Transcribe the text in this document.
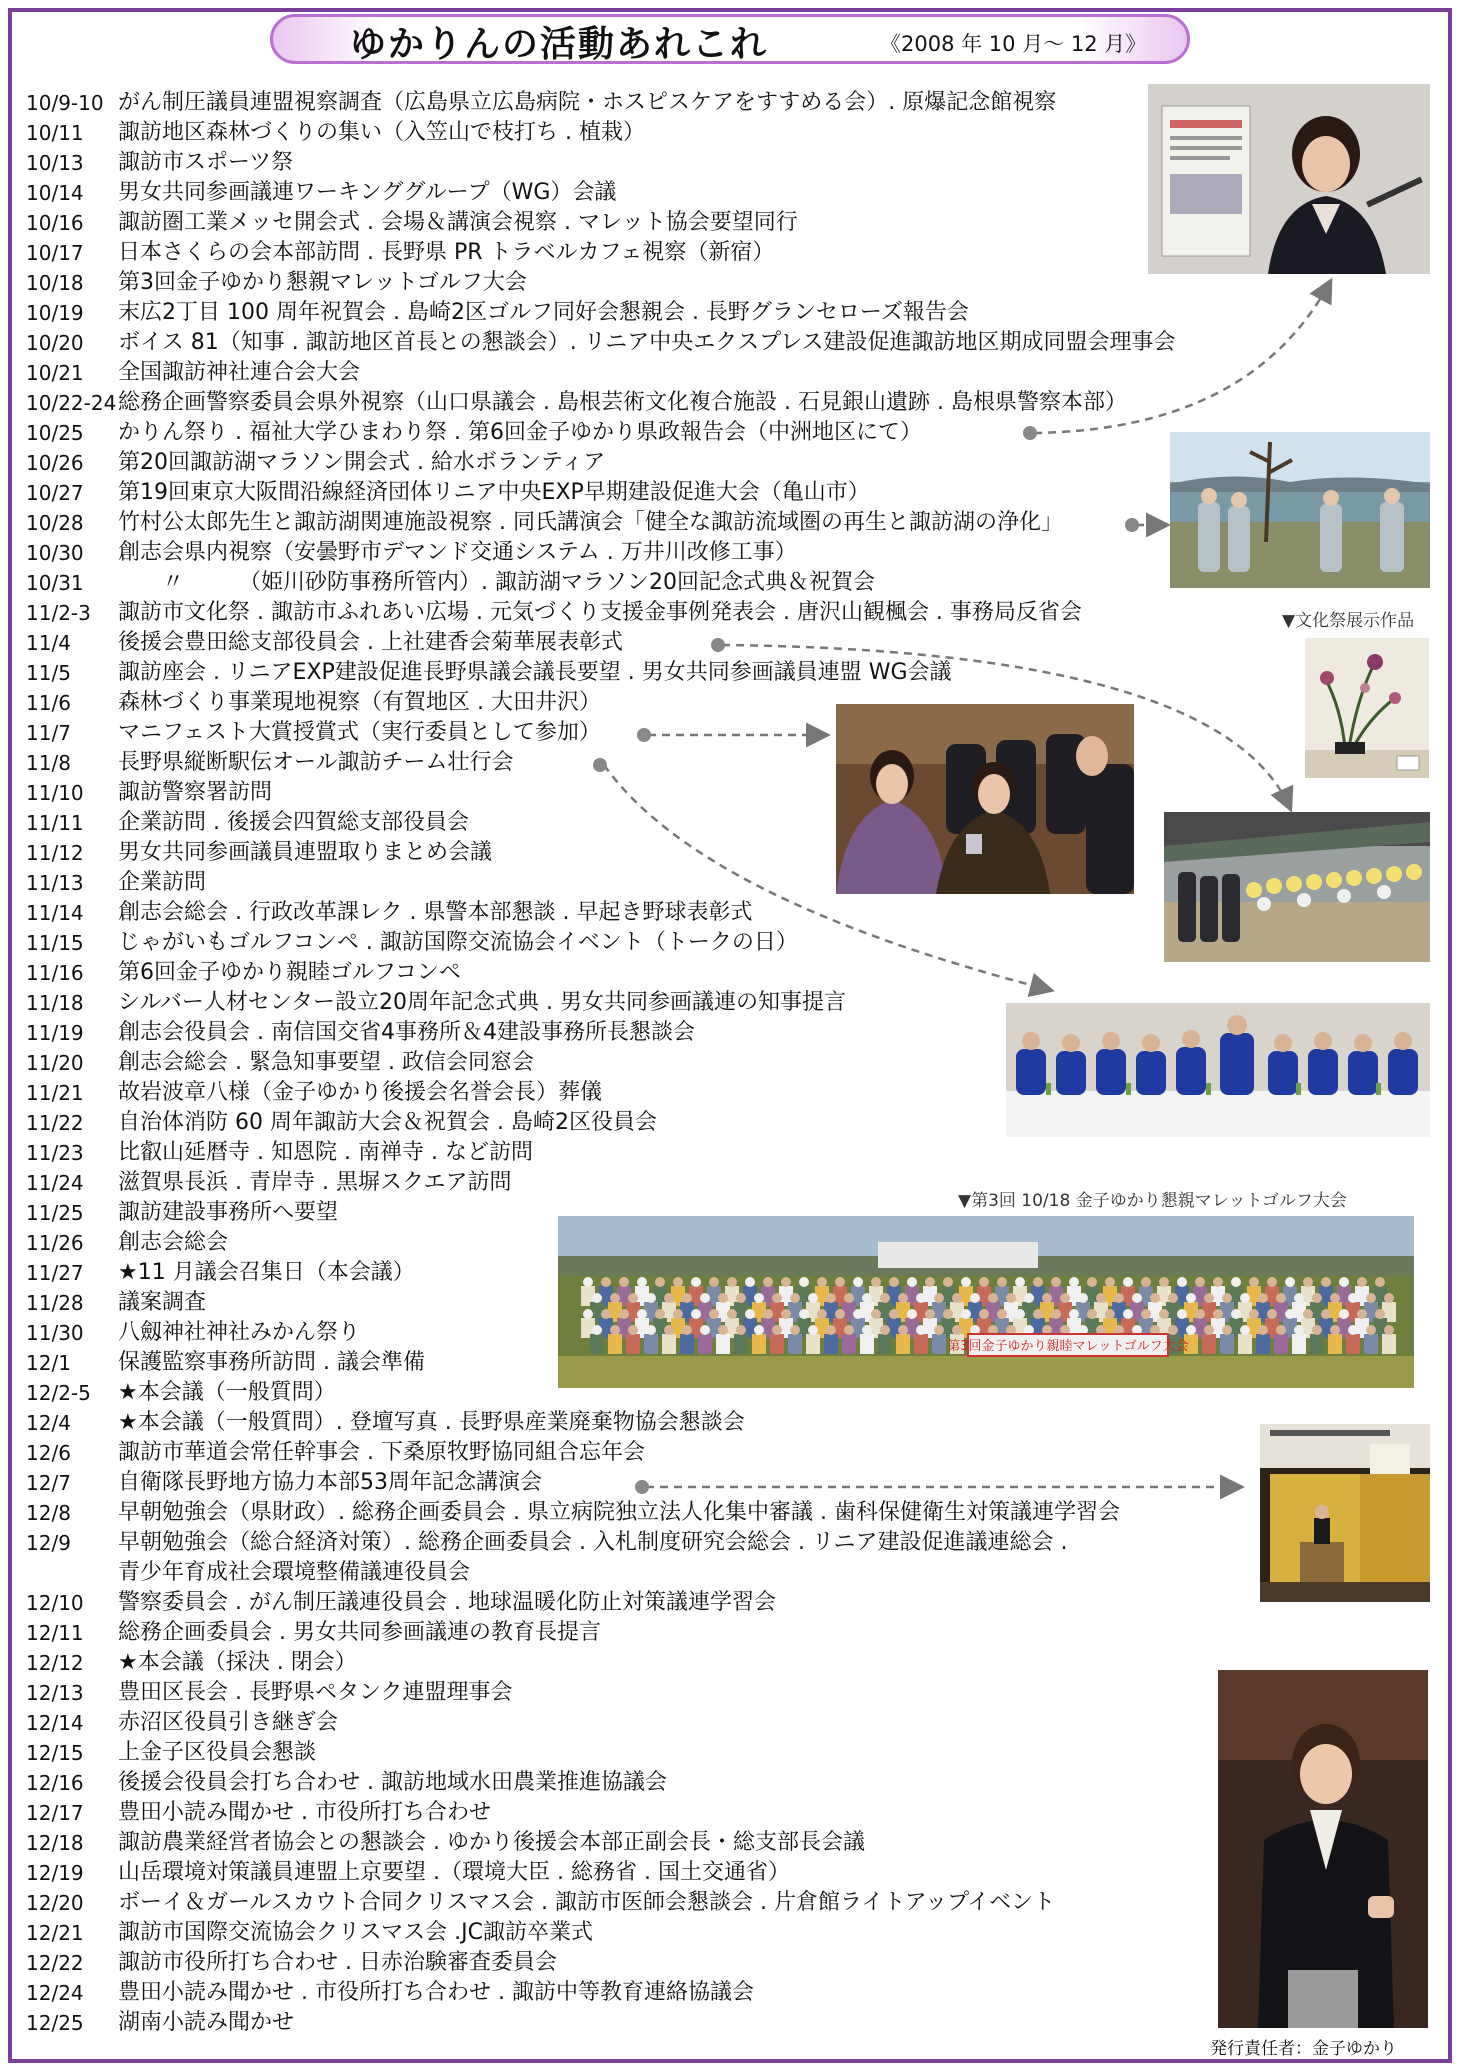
ゆかりんの活動あれこれ	《2008 年 10 月～ 12 月》
10/9-10 がん制圧議員連盟視察調査（広島県立広島病院・ホスピスケアをすすめる会）. 原爆記念館視察
10/11	諏訪地区森林づくりの集い（入笠山で枝打ち . 植栽）
10/13	諏訪市スポーツ祭
10/14	男女共同参画議連ワーキンググループ（WG）会議
10/16	諏訪圏工業メッセ開会式 . 会場＆講演会視察 . マレット協会要望同行
10/17	日本さくらの会本部訪問 . 長野県 PR トラベルカフェ視察（新宿）
10/18	第3回金子ゆかり懇親マレットゴルフ大会
10/19	末広2丁目 100 周年祝賀会 . 島崎2区ゴルフ同好会懇親会 . 長野グランセローズ報告会
10/20	ボイス 81（知事 . 諏訪地区首長との懇談会）. リニア中央エクスプレス建設促進諏訪地区期成同盟会理事会
10/21	全国諏訪神社連合会大会
10/22-24 総務企画警察委員会県外視察（山口県議会 . 島根芸術文化複合施設 . 石見銀山遺跡 . 島根県警察本部）
10/25	かりん祭り . 福祉大学ひまわり祭 . 第6回金子ゆかり県政報告会（中洲地区にて）
10/26	第20回諏訪湖マラソン開会式 . 給水ボランティア
10/27	第19回東京大阪間沿線経済団体リニア中央EXP早期建設促進大会（亀山市）
10/28	竹村公太郎先生と諏訪湖関連施設視察 . 同氏講演会「健全な諏訪流域圏の再生と諏訪湖の浄化」
10/30	創志会県内視察（安曇野市デマンド交通システム . 万井川改修工事）
10/31	　　〃　　　（姫川砂防事務所管内）. 諏訪湖マラソン20回記念式典＆祝賀会
11/2-3	諏訪市文化祭 . 諏訪市ふれあい広場 . 元気づくり支援金事例発表会 . 唐沢山観楓会 . 事務局反省会
11/4	後援会豊田総支部役員会 . 上社建香会菊華展表彰式
11/5	諏訪座会 . リニアEXP建設促進長野県議会議長要望 . 男女共同参画議員連盟 WG会議
11/6	森林づくり事業現地視察（有賀地区 . 大田井沢）
11/7	マニフェスト大賞授賞式（実行委員として参加）
11/8	長野県縦断駅伝オール諏訪チーム壮行会
11/10	諏訪警察署訪問
11/11	企業訪問 . 後援会四賀総支部役員会
11/12	男女共同参画議員連盟取りまとめ会議
11/13	企業訪問
11/14	創志会総会 . 行政改革課レク . 県警本部懇談 . 早起き野球表彰式
11/15	じゃがいもゴルフコンペ . 諏訪国際交流協会イベント（トークの日）
11/16	第6回金子ゆかり親睦ゴルフコンペ
11/18	シルバー人材センター設立20周年記念式典 . 男女共同参画議連の知事提言
11/19	創志会役員会 . 南信国交省4事務所＆4建設事務所長懇談会
11/20	創志会総会 . 緊急知事要望 . 政信会同窓会
11/21	故岩波章八様（金子ゆかり後援会名誉会長）葬儀
11/22	自治体消防 60 周年諏訪大会＆祝賀会 . 島崎2区役員会
11/23	比叡山延暦寺 . 知恩院 . 南禅寺 . など訪問
11/24	滋賀県長浜 . 青岸寺 . 黒塀スクエア訪問
11/25	諏訪建設事務所へ要望
11/26	創志会総会
11/27	★11 月議会召集日（本会議）
11/28	議案調査
11/30	八劔神社神社みかん祭り
12/1	保護監察事務所訪問 . 議会準備
12/2-5	★本会議（一般質問）
12/4	★本会議（一般質問）. 登壇写真 . 長野県産業廃棄物協会懇談会
12/6	諏訪市華道会常任幹事会 . 下桑原牧野協同組合忘年会
12/7	自衛隊長野地方協力本部53周年記念講演会
12/8	早朝勉強会（県財政）. 総務企画委員会 . 県立病院独立法人化集中審議 . 歯科保健衛生対策議連学習会
12/9	早朝勉強会（総合経済対策）. 総務企画委員会 . 入札制度研究会総会 . リニア建設促進議連総会 .
青少年育成社会環境整備議連役員会
12/10	警察委員会 . がん制圧議連役員会 . 地球温暖化防止対策議連学習会
12/11	総務企画委員会 . 男女共同参画議連の教育長提言
12/12	★本会議（採決 . 閉会）
12/13	豊田区長会 . 長野県ペタンク連盟理事会
12/14	赤沼区役員引き継ぎ会
12/15	上金子区役員会懇談
12/16	後援会役員会打ち合わせ . 諏訪地域水田農業推進協議会
12/17	豊田小読み聞かせ . 市役所打ち合わせ
12/18	諏訪農業経営者協会との懇談会 . ゆかり後援会本部正副会長・総支部長会議
12/19	山岳環境対策議員連盟上京要望 .（環境大臣 . 総務省 . 国土交通省）
12/20	ボーイ＆ガールスカウト合同クリスマス会 . 諏訪市医師会懇談会 . 片倉館ライトアップイベント
12/21	諏訪市国際交流協会クリスマス会 .JC諏訪卒業式
12/22	諏訪市役所打ち合わせ . 日赤治験審査委員会
12/24	豊田小読み聞かせ . 市役所打ち合わせ . 諏訪中等教育連絡協議会
12/25	湖南小読み聞かせ
▼文化祭展示作品
▼第3回 10/18 金子ゆかり懇親マレットゴルフ大会
第3回金子ゆかり親睦マレットゴルフ大会
発行責任者：金子ゆかり
